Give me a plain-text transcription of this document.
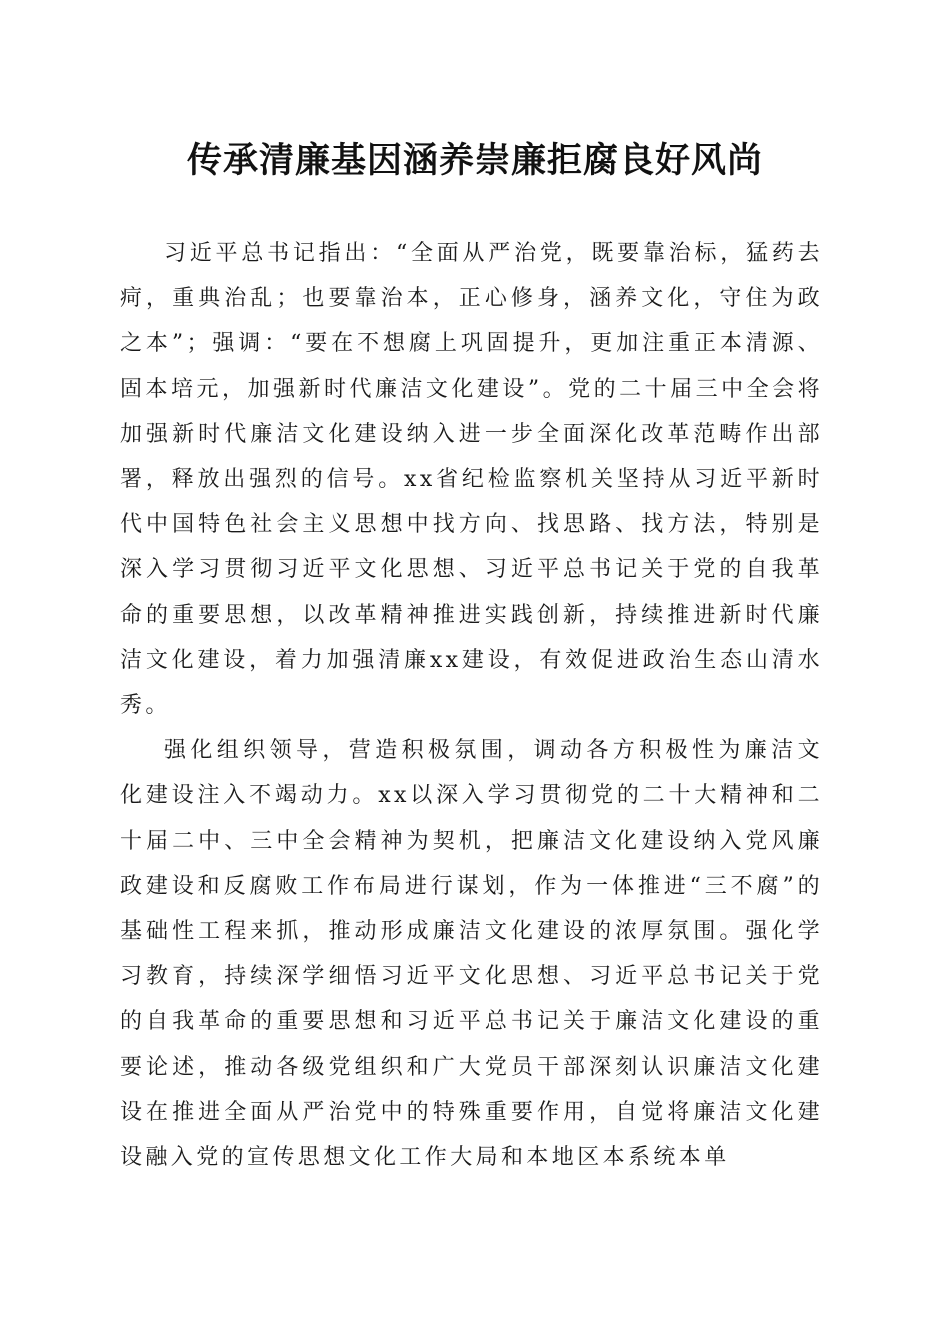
传承清廉基因涵养崇廉拒腐良好风尚

习近平总书记指出：“全面从严治党，既要靠治标，猛药去疴，重典治乱；也要靠治本，正心修身，涵养文化，守住为政之本”；强调：“要在不想腐上巩固提升，更加注重正本清源、固本培元，加强新时代廉洁文化建设”。党的二十届三中全会将加强新时代廉洁文化建设纳入进一步全面深化改革范畴作出部署，释放出强烈的信号。xx省纪检监察机关坚持从习近平新时代中国特色社会主义思想中找方向、找思路、找方法，特别是深入学习贯彻习近平文化思想、习近平总书记关于党的自我革命的重要思想，以改革精神推进实践创新，持续推进新时代廉洁文化建设，着力加强清廉xx建设，有效促进政治生态山清水秀。

强化组织领导，营造积极氛围，调动各方积极性为廉洁文化建设注入不竭动力。xx以深入学习贯彻党的二十大精神和二十届二中、三中全会精神为契机，把廉洁文化建设纳入党风廉政建设和反腐败工作布局进行谋划，作为一体推进“三不腐”的基础性工程来抓，推动形成廉洁文化建设的浓厚氛围。强化学习教育，持续深学细悟习近平文化思想、习近平总书记关于党的自我革命的重要思想和习近平总书记关于廉洁文化建设的重要论述，推动各级党组织和广大党员干部深刻认识廉洁文化建设在推进全面从严治党中的特殊重要作用，自觉将廉洁文化建设融入党的宣传思想文化工作大局和本地区本系统本单
